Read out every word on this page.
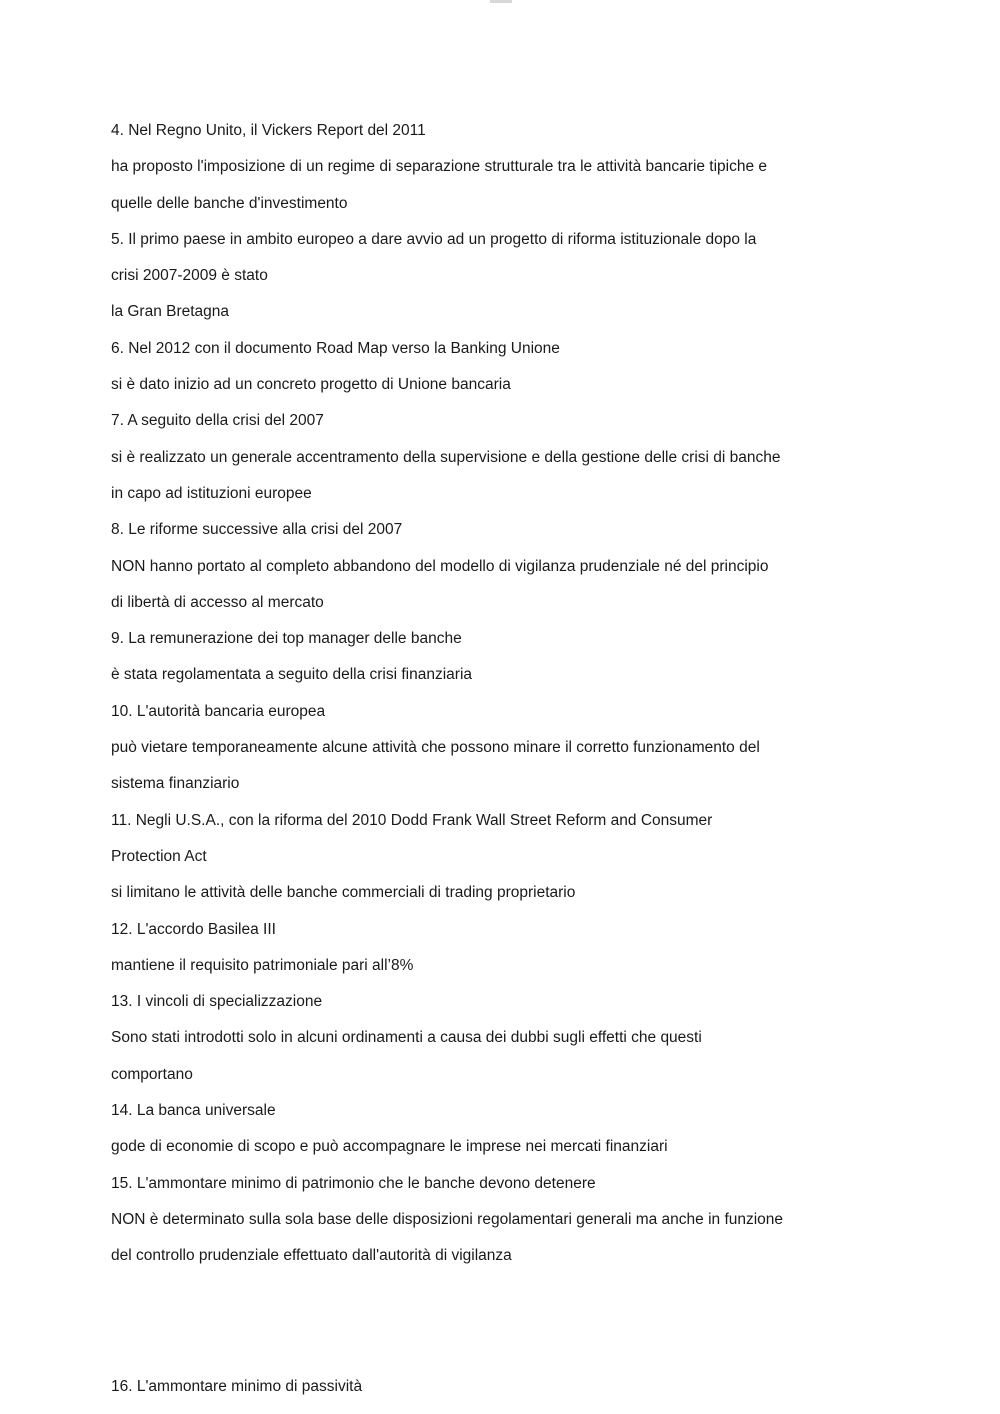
4. Nel Regno Unito, il Vickers Report del 2011
ha proposto l'imposizione di un regime di separazione strutturale tra le attività bancarie tipiche e
quelle delle banche d'investimento
5. Il primo paese in ambito europeo a dare avvio ad un progetto di riforma istituzionale dopo la
crisi 2007-2009 è stato
la Gran Bretagna
6. Nel 2012 con il documento Road Map verso la Banking Unione
si è dato inizio ad un concreto progetto di Unione bancaria
7. A seguito della crisi del 2007
si è realizzato un generale accentramento della supervisione e della gestione delle crisi di banche
in capo ad istituzioni europee
8. Le riforme successive alla crisi del 2007
NON hanno portato al completo abbandono del modello di vigilanza prudenziale né del principio
di libertà di accesso al mercato
9. La remunerazione dei top manager delle banche
è stata regolamentata a seguito della crisi finanziaria
10. L'autorità bancaria europea
può vietare temporaneamente alcune attività che possono minare il corretto funzionamento del
sistema finanziario
11. Negli U.S.A., con la riforma del 2010 Dodd Frank Wall Street Reform and Consumer
Protection Act
si limitano le attività delle banche commerciali di trading proprietario
12. L'accordo Basilea III
mantiene il requisito patrimoniale pari all’8%
13. I vincoli di specializzazione
Sono stati introdotti solo in alcuni ordinamenti a causa dei dubbi sugli effetti che questi
comportano
14. La banca universale
gode di economie di scopo e può accompagnare le imprese nei mercati finanziari
15. L'ammontare minimo di patrimonio che le banche devono detenere
NON è determinato sulla sola base delle disposizioni regolamentari generali ma anche in funzione
del controllo prudenziale effettuato dall'autorità di vigilanza
16. L'ammontare minimo di passività
